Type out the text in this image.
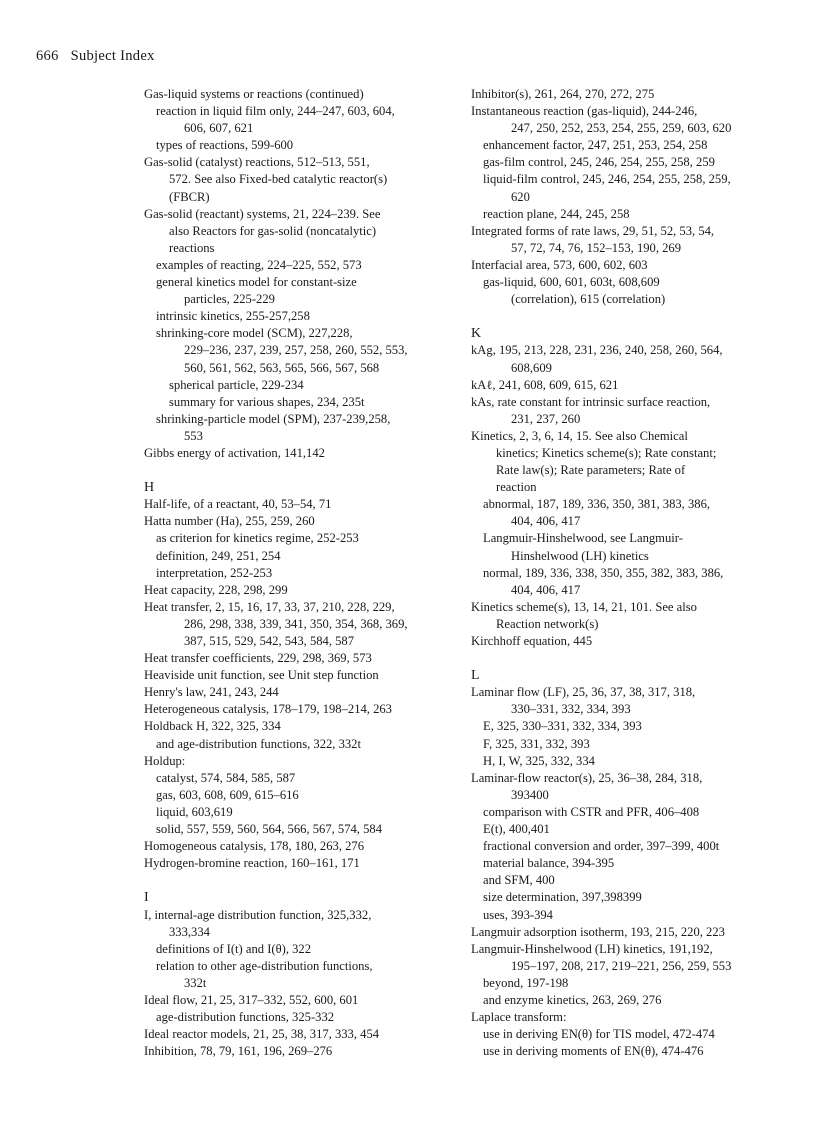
666 Subject Index
Gas-liquid systems or reactions (continued)
reaction in liquid film only, 244–247, 603, 604,
606, 607, 621
types of reactions, 599-600
Gas-solid (catalyst) reactions, 512–513, 551,
572. See also Fixed-bed catalytic reactor(s)
(FBCR)
Gas-solid (reactant) systems, 21, 224–239. See
also Reactors for gas-solid (noncatalytic)
reactions
examples of reacting, 224–225, 552, 573
general kinetics model for constant-size
particles, 225-229
intrinsic kinetics, 255-257,258
shrinking-core model (SCM), 227,228,
229–236, 237, 239, 257, 258, 260, 552, 553,
560, 561, 562, 563, 565, 566, 567, 568
spherical particle, 229-234
summary for various shapes, 234, 235t
shrinking-particle model (SPM), 237-239,258,
553
Gibbs energy of activation, 141,142
H
Half-life, of a reactant, 40, 53–54, 71
Hatta number (Ha), 255, 259, 260
as criterion for kinetics regime, 252-253
definition, 249, 251, 254
interpretation, 252-253
Heat capacity, 228, 298, 299
Heat transfer, 2, 15, 16, 17, 33, 37, 210, 228, 229,
286, 298, 338, 339, 341, 350, 354, 368, 369,
387, 515, 529, 542, 543, 584, 587
Heat transfer coefficients, 229, 298, 369, 573
Heaviside unit function, see Unit step function
Henry's law, 241, 243, 244
Heterogeneous catalysis, 178–179, 198–214, 263
Holdback H, 322, 325, 334
and age-distribution functions, 322, 332t
Holdup:
catalyst, 574, 584, 585, 587
gas, 603, 608, 609, 615–616
liquid, 603,619
solid, 557, 559, 560, 564, 566, 567, 574, 584
Homogeneous catalysis, 178, 180, 263, 276
Hydrogen-bromine reaction, 160–161, 171
I
I, internal-age distribution function, 325,332,
333,334
definitions of I(t) and I(θ), 322
relation to other age-distribution functions,
332t
Ideal flow, 21, 25, 317–332, 552, 600, 601
age-distribution functions, 325-332
Ideal reactor models, 21, 25, 38, 317, 333, 454
Inhibition, 78, 79, 161, 196, 269–276
Inhibitor(s), 261, 264, 270, 272, 275
Instantaneous reaction (gas-liquid), 244-246,
247, 250, 252, 253, 254, 255, 259, 603, 620
enhancement factor, 247, 251, 253, 254, 258
gas-film control, 245, 246, 254, 255, 258, 259
liquid-film control, 245, 246, 254, 255, 258, 259,
620
reaction plane, 244, 245, 258
Integrated forms of rate laws, 29, 51, 52, 53, 54,
57, 72, 74, 76, 152–153, 190, 269
Interfacial area, 573, 600, 602, 603
gas-liquid, 600, 601, 603t, 608,609
(correlation), 615 (correlation)
K
kAg, 195, 213, 228, 231, 236, 240, 258, 260, 564,
608,609
kAℓ, 241, 608, 609, 615, 621
kAs, rate constant for intrinsic surface reaction,
231, 237, 260
Kinetics, 2, 3, 6, 14, 15. See also Chemical
kinetics; Kinetics scheme(s); Rate constant;
Rate law(s); Rate parameters; Rate of
reaction
abnormal, 187, 189, 336, 350, 381, 383, 386,
404, 406, 417
Langmuir-Hinshelwood, see Langmuir-
Hinshelwood (LH) kinetics
normal, 189, 336, 338, 350, 355, 382, 383, 386,
404, 406, 417
Kinetics scheme(s), 13, 14, 21, 101. See also
Reaction network(s)
Kirchhoff equation, 445
L
Laminar flow (LF), 25, 36, 37, 38, 317, 318,
330–331, 332, 334, 393
E, 325, 330–331, 332, 334, 393
F, 325, 331, 332, 393
H, I, W, 325, 332, 334
Laminar-flow reactor(s), 25, 36–38, 284, 318,
393400
comparison with CSTR and PFR, 406–408
E(t), 400,401
fractional conversion and order, 397–399, 400t
material balance, 394-395
and SFM, 400
size determination, 397,398399
uses, 393-394
Langmuir adsorption isotherm, 193, 215, 220, 223
Langmuir-Hinshelwood (LH) kinetics, 191,192,
195–197, 208, 217, 219–221, 256, 259, 553
beyond, 197-198
and enzyme kinetics, 263, 269, 276
Laplace transform:
use in deriving EN(θ) for TIS model, 472-474
use in deriving moments of EN(θ), 474-476
